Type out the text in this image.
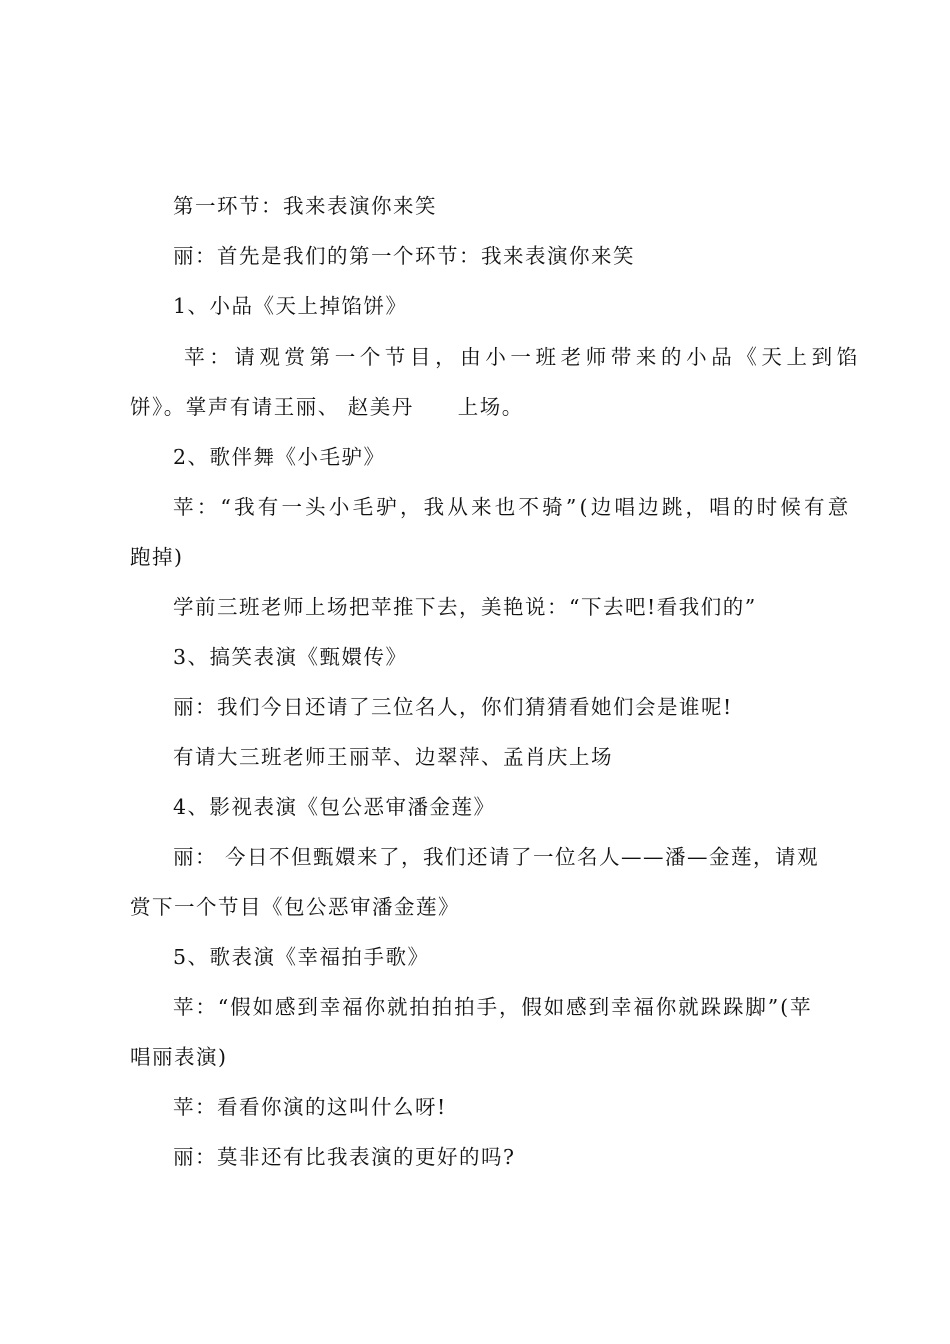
第一环节：我来表演你来笑
丽：首先是我们的第一个环节：我来表演你来笑
1、小品《天上掉馅饼》
苹：请观赏第一个节目，由小一班老师带来的小品《天上到馅
饼》。掌声有请王丽、 赵美丹　　上场。
2、歌伴舞《小毛驴》
苹：“我有一头小毛驴，我从来也不骑”(边唱边跳，唱的时候有意
跑掉)
学前三班老师上场把苹推下去，美艳说：“下去吧!看我们的”
3、搞笑表演《甄嬛传》
丽：我们今日还请了三位名人，你们猜猜看她们会是谁呢!
有请大三班老师王丽苹、边翠萍、孟肖庆上场
4、影视表演《包公恶审潘金莲》
丽： 今日不但甄嬛来了，我们还请了一位名人——潘—金莲，请观
赏下一个节目《包公恶审潘金莲》
5、歌表演《幸福拍手歌》
苹：“假如感到幸福你就拍拍拍手，假如感到幸福你就跺跺脚”(苹
唱丽表演)
苹：看看你演的这叫什么呀!
丽：莫非还有比我表演的更好的吗?
